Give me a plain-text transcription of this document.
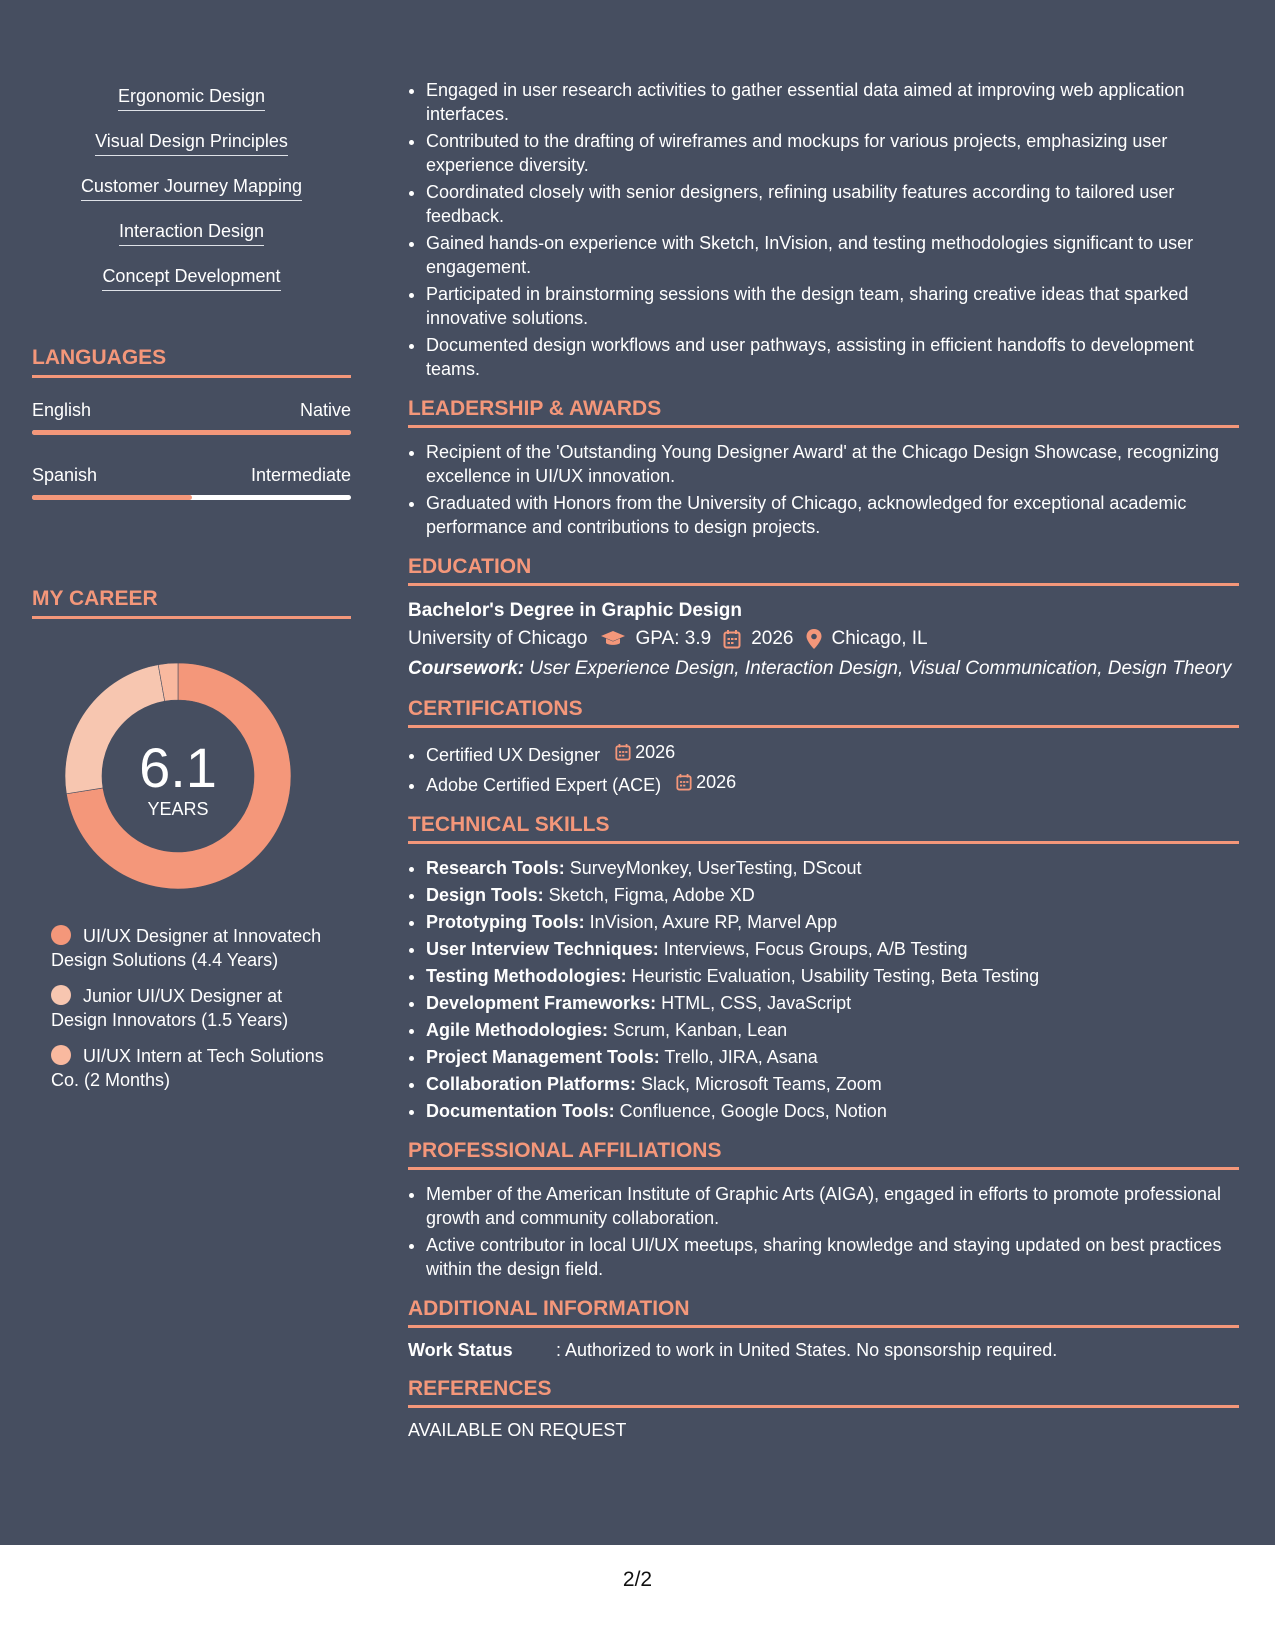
Ergonomic Design
Visual Design Principles
Customer Journey Mapping
Interaction Design
Concept Development
LANGUAGES
English	Native
Spanish	Intermediate
MY CAREER
6.1
YEARS
UI/UX Designer at Innovatech Design Solutions (4.4 Years)
Junior UI/UX Designer at Design Innovators (1.5 Years)
UI/UX Intern at Tech Solutions Co. (2 Months)
• Engaged in user research activities to gather essential data aimed at improving web application interfaces.
• Contributed to the drafting of wireframes and mockups for various projects, emphasizing user experience diversity.
• Coordinated closely with senior designers, refining usability features according to tailored user feedback.
• Gained hands-on experience with Sketch, InVision, and testing methodologies significant to user engagement.
• Participated in brainstorming sessions with the design team, sharing creative ideas that sparked innovative solutions.
• Documented design workflows and user pathways, assisting in efficient handoffs to development teams.
LEADERSHIP & AWARDS
• Recipient of the 'Outstanding Young Designer Award' at the Chicago Design Showcase, recognizing excellence in UI/UX innovation.
• Graduated with Honors from the University of Chicago, acknowledged for exceptional academic performance and contributions to design projects.
EDUCATION
Bachelor's Degree in Graphic Design
University of Chicago	GPA: 3.9 2026 Chicago, IL
Coursework: User Experience Design, Interaction Design, Visual Communication, Design Theory
CERTIFICATIONS
• Certified UX Designer 2026
• Adobe Certified Expert (ACE) 2026
TECHNICAL SKILLS
• Research Tools: SurveyMonkey, UserTesting, DScout
• Design Tools: Sketch, Figma, Adobe XD
• Prototyping Tools: InVision, Axure RP, Marvel App
• User Interview Techniques: Interviews, Focus Groups, A/B Testing
• Testing Methodologies: Heuristic Evaluation, Usability Testing, Beta Testing
• Development Frameworks: HTML, CSS, JavaScript
• Agile Methodologies: Scrum, Kanban, Lean
• Project Management Tools: Trello, JIRA, Asana
• Collaboration Platforms: Slack, Microsoft Teams, Zoom
• Documentation Tools: Confluence, Google Docs, Notion
PROFESSIONAL AFFILIATIONS
• Member of the American Institute of Graphic Arts (AIGA), engaged in efforts to promote professional growth and community collaboration.
• Active contributor in local UI/UX meetups, sharing knowledge and staying updated on best practices within the design field.
ADDITIONAL INFORMATION
Work Status	: Authorized to work in United States. No sponsorship required.
REFERENCES
AVAILABLE ON REQUEST
2/2
